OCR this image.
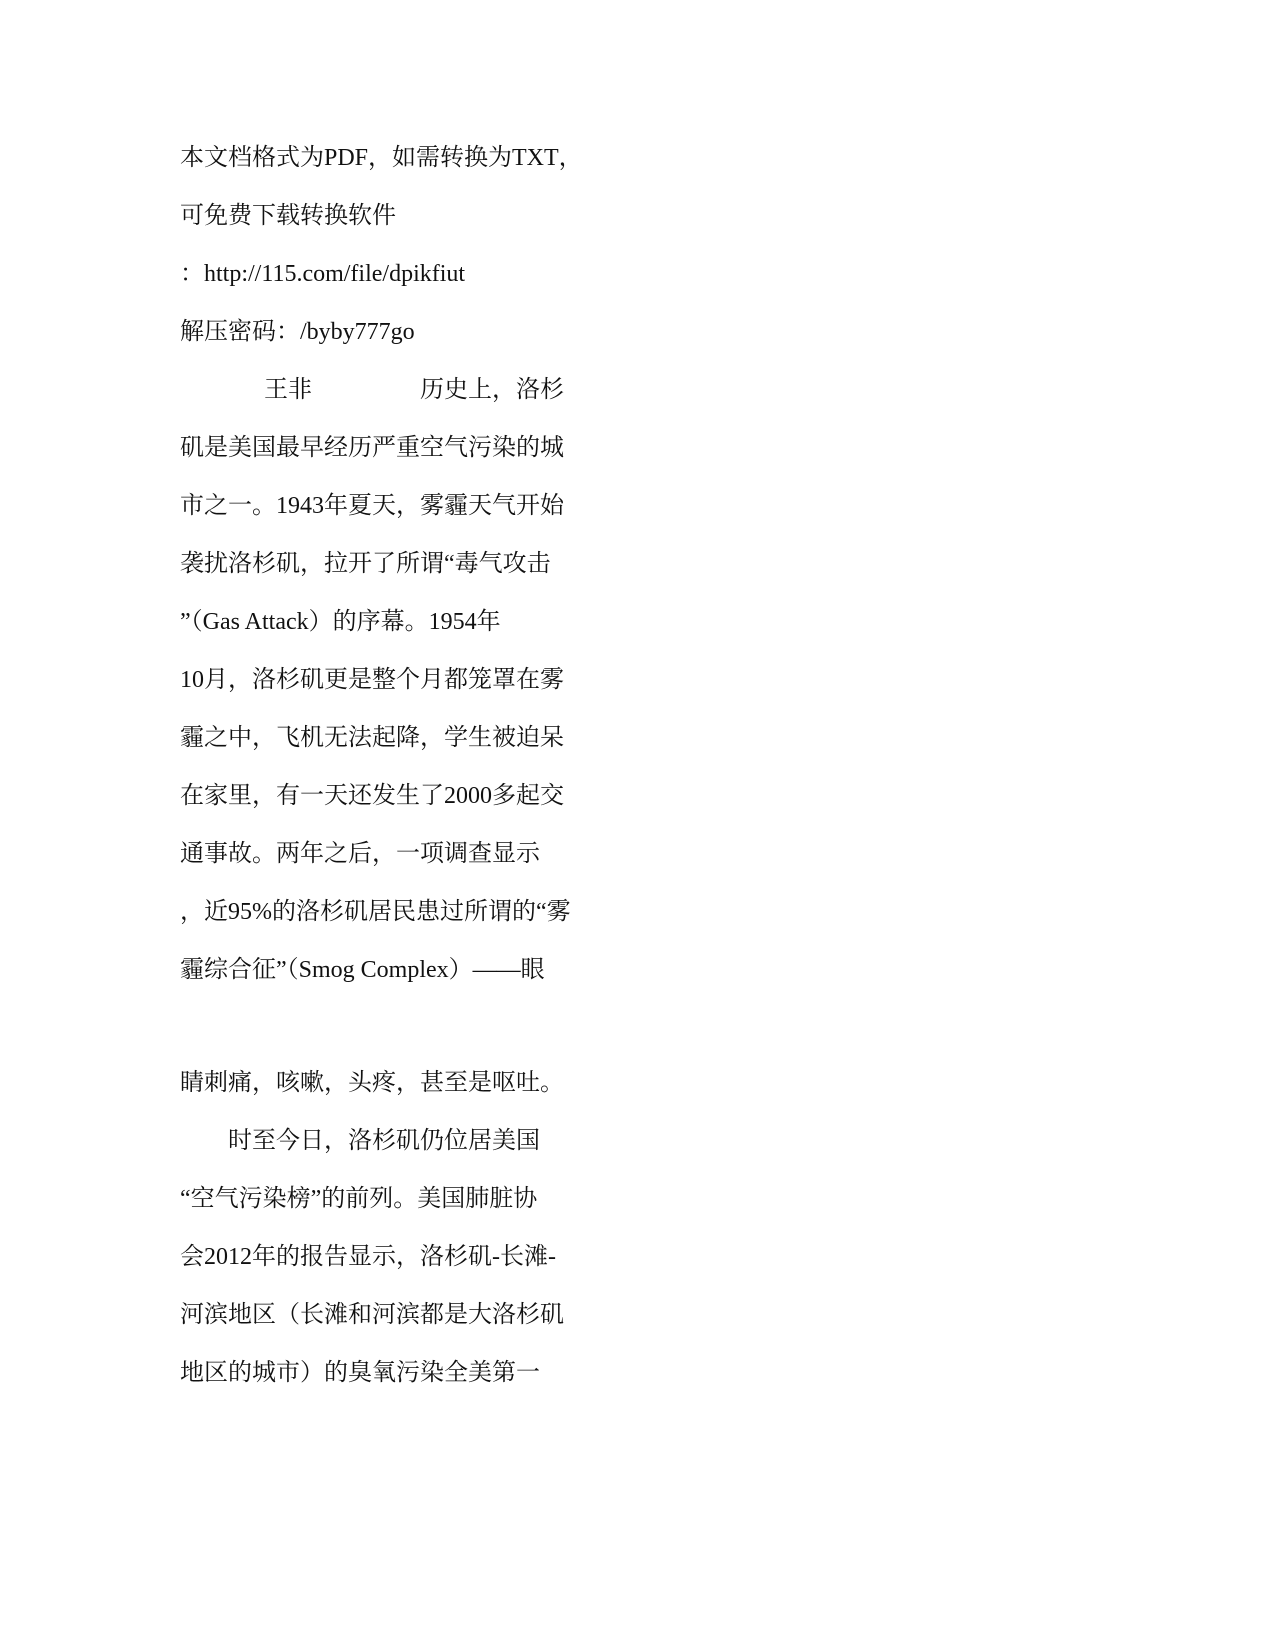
本文档格式为PDF，如需转换为TXT，
可免费下载转换软件
：http://115.com/file/dpikfiut
解压密码：/byby777go
王非                  历史上，洛杉
矶是美国最早经历严重空气污染的城
市之一。1943年夏天，雾霾天气开始
袭扰洛杉矶，拉开了所谓“毒气攻击
”（Gas Attack）的序幕。1954年
10月，洛杉矶更是整个月都笼罩在雾
霾之中，飞机无法起降，学生被迫呆
在家里，有一天还发生了2000多起交
通事故。两年之后，一项调查显示
，近95%的洛杉矶居民患过所谓的“雾
霾综合征”（Smog Complex）——眼
睛刺痛，咳嗽，头疼，甚至是呕吐。
时至今日，洛杉矶仍位居美国
“空气污染榜”的前列。美国肺脏协
会2012年的报告显示，洛杉矶-长滩-
河滨地区（长滩和河滨都是大洛杉矶
地区的城市）的臭氧污染全美第一
